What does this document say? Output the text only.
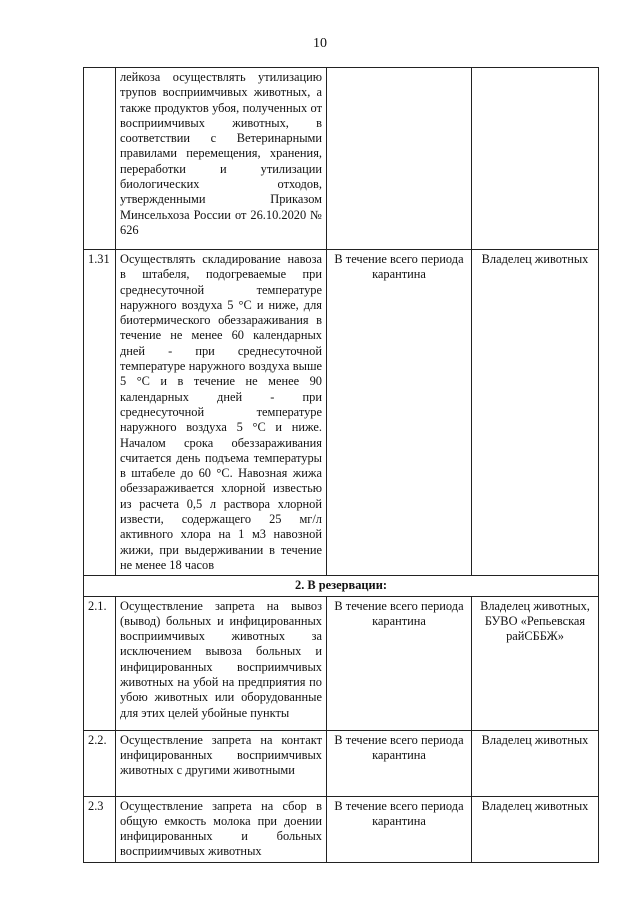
10
	лейкоза осуществлять утилизацию трупов восприимчивых животных, а также продуктов убоя, полученных от восприимчивых животных, в соответствии с Ветеринарными правилами перемещения, хранения, переработки и утилизации биологических отходов, утвержденными Приказом Минсельхоза России от 26.10.2020 № 626		
1.31	Осуществлять складирование навоза в штабеля, подогреваемые при среднесуточной температуре наружного воздуха 5 °С и ниже, для биотермического обеззараживания в течение не менее 60 календарных дней - при среднесуточной температуре наружного воздуха выше 5 °С и в течение не менее 90 календарных дней - при среднесуточной температуре наружного воздуха 5 °С и ниже. Началом срока обеззараживания считается день подъема температуры в штабеле до 60 °С. Навозная жижа обеззараживается хлорной известью из расчета 0,5 л раствора хлорной извести, содержащего 25 мг/л активного хлора на 1 м3 навозной жижи, при выдерживании в течение не менее 18 часов	В течение всего периода карантина	Владелец животных
2. В резервации:			
2.1.	Осуществление запрета на вывоз (вывод) больных и инфицированных восприимчивых животных за исключением вывоза больных и инфицированных восприимчивых животных на убой на предприятия по убою животных или оборудованные для этих целей убойные пункты	В течение всего периода карантина	Владелец животных, БУВО «Репьевская райСББЖ»
2.2.	Осуществление запрета на контакт инфицированных восприимчивых животных с другими животными	В течение всего периода карантина	Владелец животных
2.3	Осуществление запрета на сбор в общую емкость молока при доении инфицированных и больных восприимчивых животных	В течение всего периода карантина	Владелец животных
